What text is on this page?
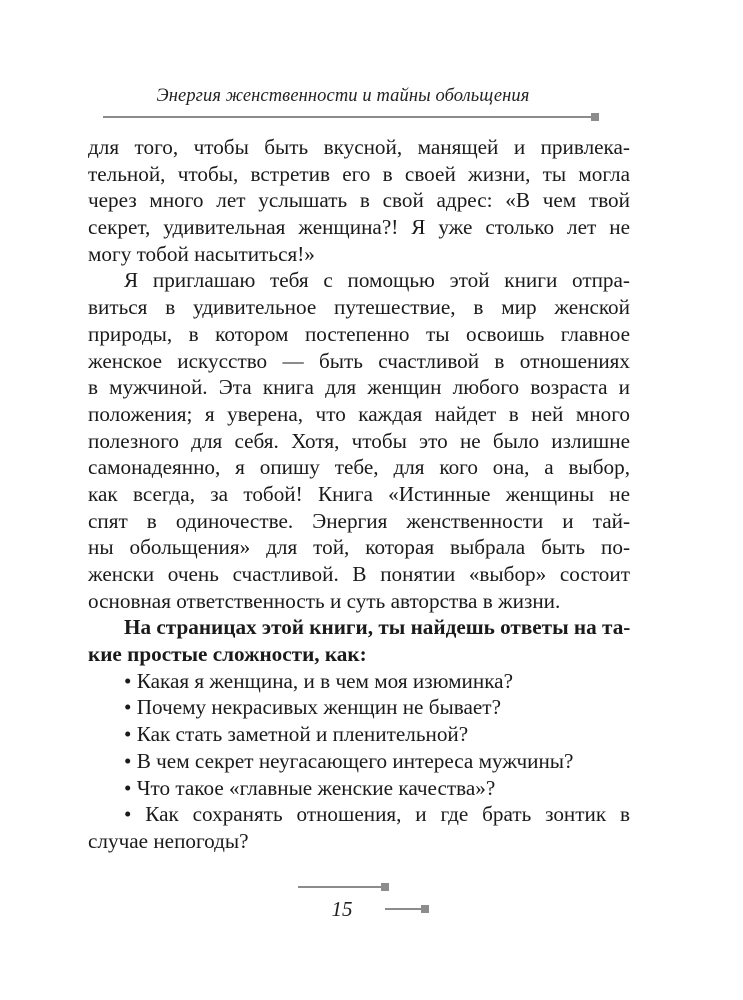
Энергия женственности и тайны обольщения
для того, чтобы быть вкусной, манящей и привлека-
тельной, чтобы, встретив его в своей жизни, ты могла
через много лет услышать в свой адрес: «В чем твой
секрет, удивительная женщина?! Я уже столько лет не
могу тобой насытиться!»
Я приглашаю тебя с помощью этой книги отпра-
виться в удивительное путешествие, в мир женской
природы, в котором постепенно ты освоишь главное
женское искусство — быть счастливой в отношениях
в мужчиной. Эта книга для женщин любого возраста и
положения; я уверена, что каждая найдет в ней много
полезного для себя. Хотя, чтобы это не было излишне
самонадеянно, я опишу тебе, для кого она, а выбор,
как всегда, за тобой! Книга «Истинные женщины не
спят в одиночестве. Энергия женственности и тай-
ны обольщения» для той, которая выбрала быть по-
женски очень счастливой. В понятии «выбор» состоит
основная ответственность и суть авторства в жизни.
На страницах этой книги, ты найдешь ответы на та-
кие простые сложности, как:
• Какая я женщина, и в чем моя изюминка?
• Почему некрасивых женщин не бывает?
• Как стать заметной и пленительной?
• В чем секрет неугасающего интереса мужчины?
• Что такое «главные женские качества»?
• Как сохранять отношения, и где брать зонтик в
случае непогоды?
15
